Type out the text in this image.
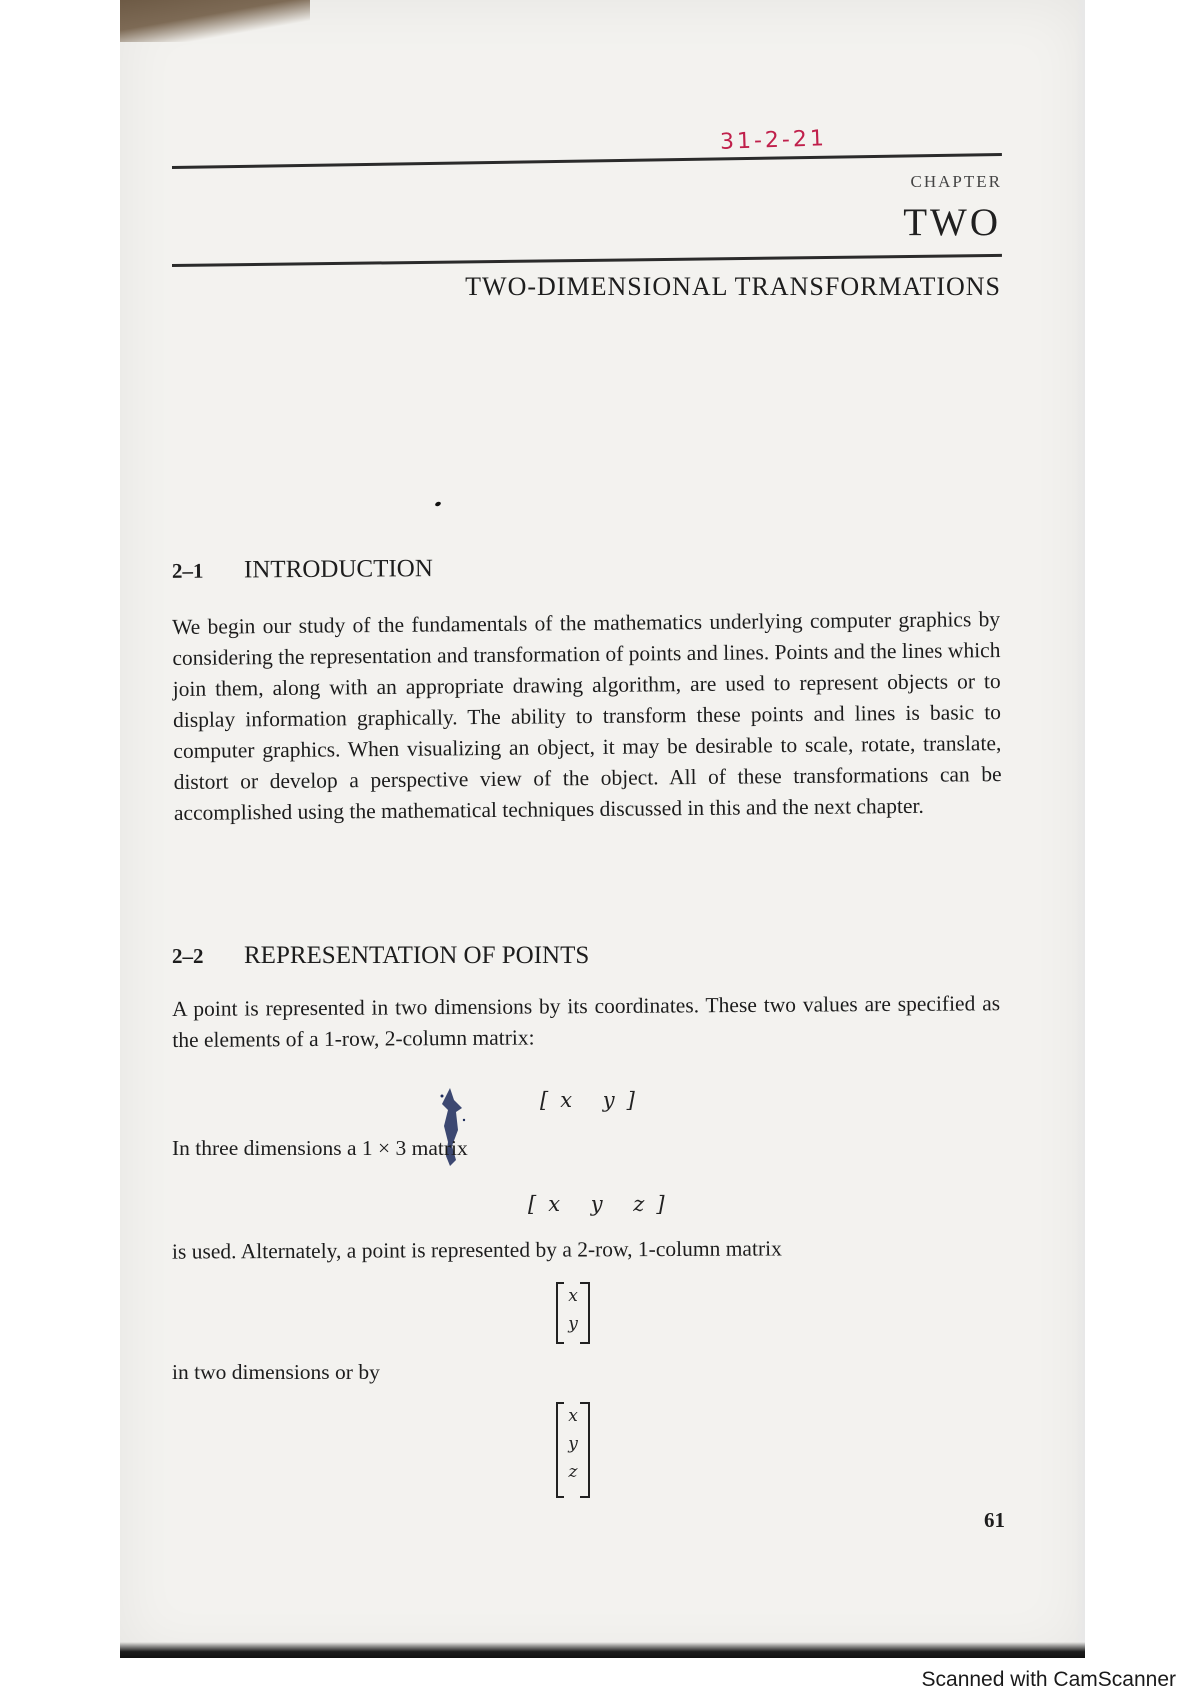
31-2-21
CHAPTER
TWO
TWO-DIMENSIONAL TRANSFORMATIONS
2–1 INTRODUCTION
We begin our study of the fundamentals of the mathematics underlying computer graphics by considering the representation and transformation of points and lines. Points and the lines which join them, along with an appropriate drawing algorithm, are used to represent objects or to display information graphically. The ability to transform these points and lines is basic to computer graphics. When visualizing an object, it may be desirable to scale, rotate, translate, distort or develop a perspective view of the object. All of these transformations can be accomplished using the mathematical techniques discussed in this and the next chapter.
2–2 REPRESENTATION OF POINTS
A point is represented in two dimensions by its coordinates. These two values are specified as the elements of a 1-row, 2-column matrix:
[x y]
In three dimensions a 1 × 3 matrix
[x y z]
is used. Alternately, a point is represented by a 2-row, 1-column matrix
x
y
in two dimensions or by
x
y
z
61
Scanned with CamScanner
